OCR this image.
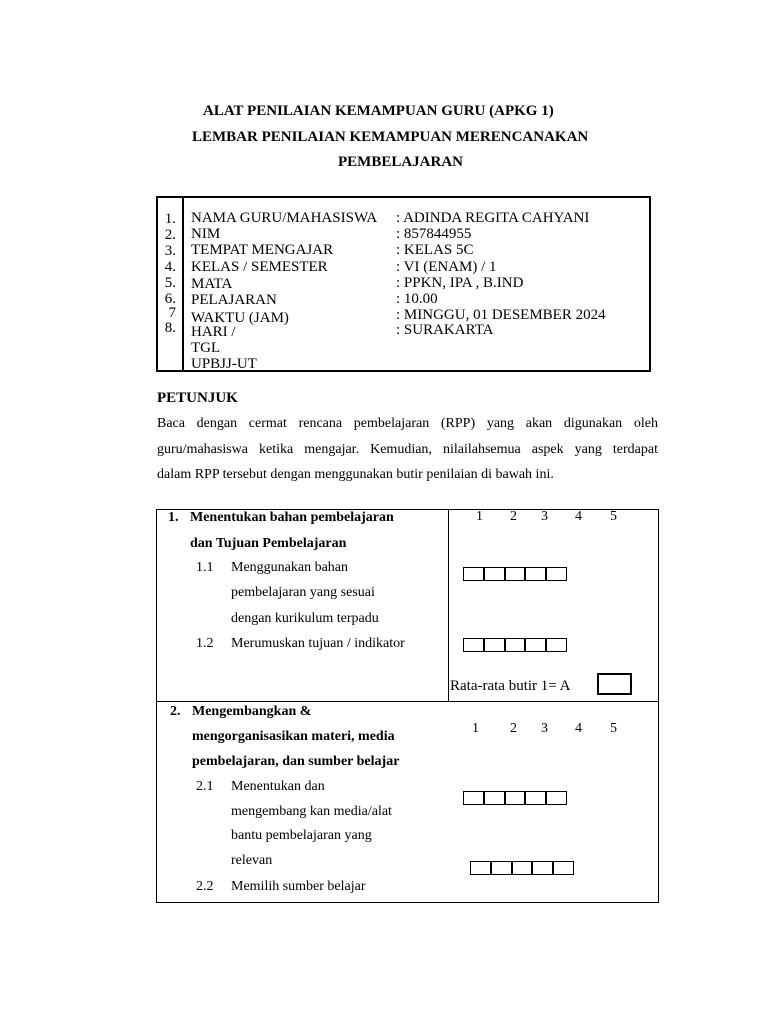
ALAT PENILAIAN KEMAMPUAN GURU (APKG 1)
LEMBAR PENILAIAN KEMAMPUAN MERENCANAKAN
PEMBELAJARAN
1.
2.
3.
4.
5.
6.
7
8.
NAMA GURU/MAHASISWA
NIM
TEMPAT MENGAJAR
KELAS / SEMESTER
MATA
PELAJARAN
WAKTU (JAM)
HARI /
TGL
UPBJJ-UT
: ADINDA REGITA CAHYANI
: 857844955
: KELAS 5C
: VI (ENAM) / 1
: PPKN, IPA , B.IND
: 10.00
: MINGGU, 01 DESEMBER 2024
: SURAKARTA
PETUNJUK
Baca dengan cermat rencana pembelajaran (RPP) yang akan digunakan oleh
guru/mahasiswa ketika mengajar. Kemudian, nilailahsemua aspek yang terdapat
dalam RPP tersebut dengan menggunakan butir penilaian di bawah ini.
1. Menentukan bahan pembelajaran
dan Tujuan Pembelajaran
1.1 Menggunakan bahan
pembelajaran yang sesuai
dengan kurikulum terpadu
1.2 Merumuskan tujuan / indikator
1 2 3 4 5
Rata-rata butir 1= A
2. Mengembangkan &
mengorganisasikan materi, media
pembelajaran, dan sumber belajar
2.1 Menentukan dan
mengembang kan media/alat
bantu pembelajaran yang
relevan
2.2 Memilih sumber belajar
1 2 3 4 5
